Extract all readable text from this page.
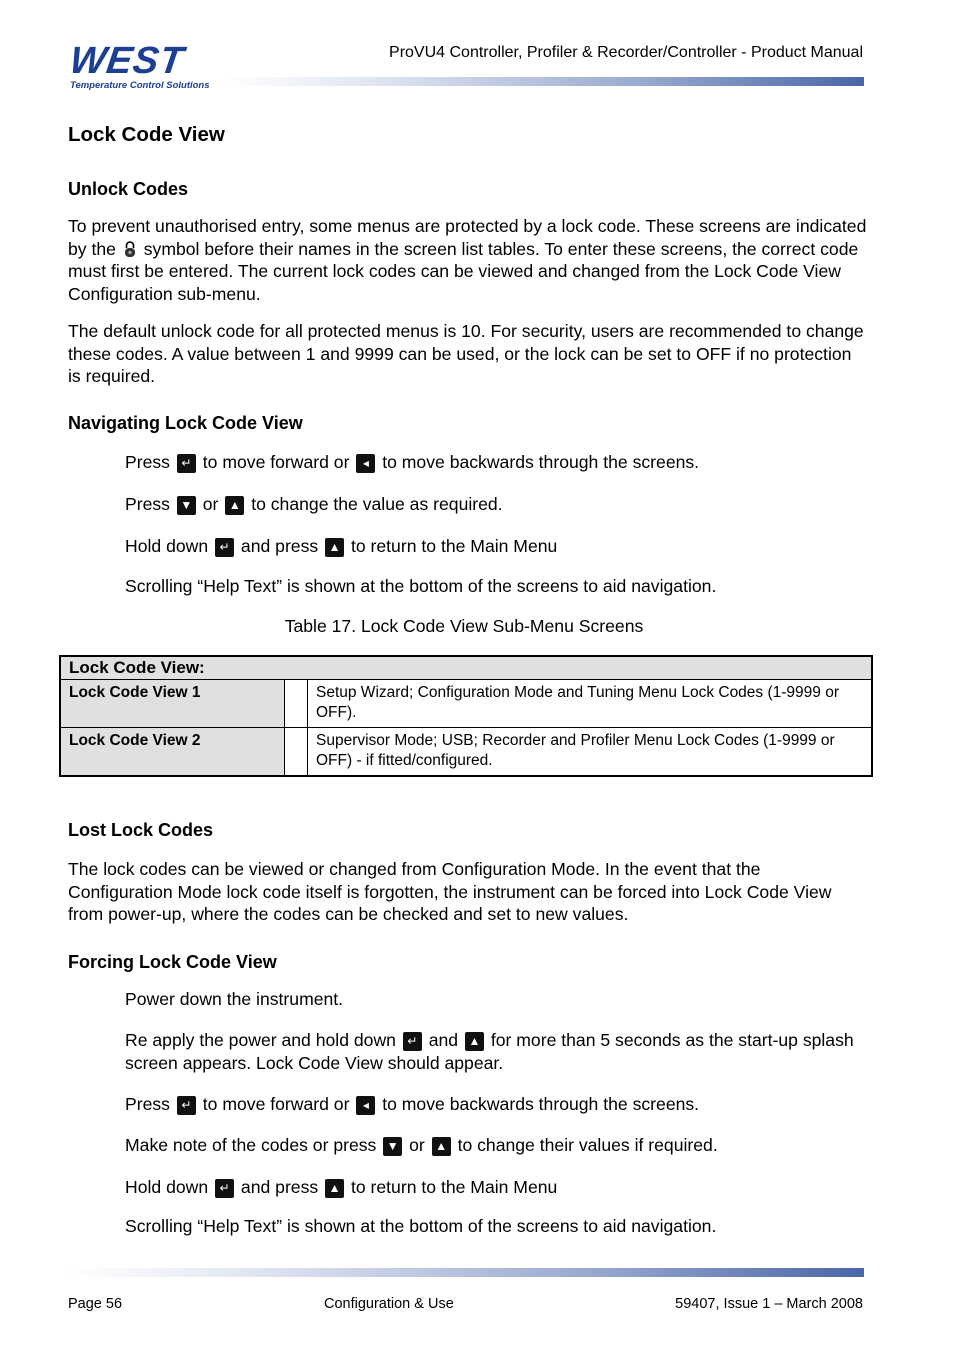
WEST
Temperature Control Solutions
ProVU4 Controller, Profiler & Recorder/Controller - Product Manual
Lock Code View
Unlock Codes
To prevent unauthorised entry, some menus are protected by a lock code. These screens are indicated by the symbol before their names in the screen list tables. To enter these screens, the correct code must first be entered. The current lock codes can be viewed and changed from the Lock Code View Configuration sub-menu.
The default unlock code for all protected menus is 10. For security, users are recommended to change these codes. A value between 1 and 9999 can be used, or the lock can be set to OFF if no protection is required.
Navigating Lock Code View
Press ↵ to move forward or ◂ to move backwards through the screens.
Press ▼ or ▲ to change the value as required.
Hold down ↵ and press ▲ to return to the Main Menu
Scrolling “Help Text” is shown at the bottom of the screens to aid navigation.
Table 17. Lock Code View Sub-Menu Screens
Lock Code View:		
Lock Code View 1		Setup Wizard; Configuration Mode and Tuning Menu Lock Codes (1-9999 or OFF).
Lock Code View 2		Supervisor Mode; USB; Recorder and Profiler Menu Lock Codes (1-9999 or OFF) - if fitted/configured.
Lost Lock Codes
The lock codes can be viewed or changed from Configuration Mode. In the event that the Configuration Mode lock code itself is forgotten, the instrument can be forced into Lock Code View from power-up, where the codes can be checked and set to new values.
Forcing Lock Code View
Power down the instrument.
Re apply the power and hold down ↵ and ▲ for more than 5 seconds as the start-up splash screen appears. Lock Code View should appear.
Press ↵ to move forward or ◂ to move backwards through the screens.
Make note of the codes or press ▼ or ▲ to change their values if required.
Hold down ↵ and press ▲ to return to the Main Menu
Scrolling “Help Text” is shown at the bottom of the screens to aid navigation.
Page 56	Configuration & Use	59407, Issue 1 – March 2008
